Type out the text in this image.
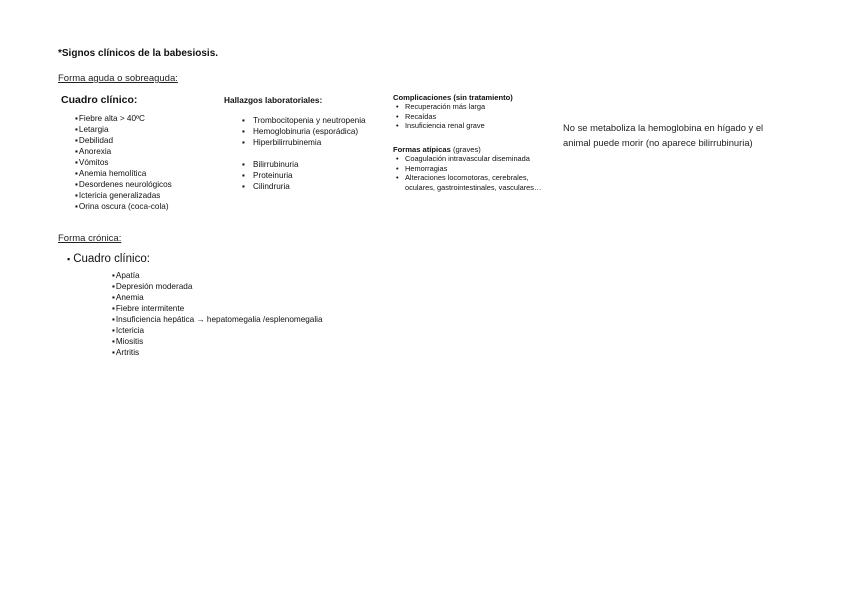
*Signos clínicos de la babesiosis.
Forma aguda o sobreaguda:
Cuadro clínico:
▪ Fiebre alta > 40ºC
▪ Letargia
▪ Debilidad
▪ Anorexia
▪ Vómitos
▪ Anemia hemolítica
▪ Desordenes neurológicos
▪ Ictericia generalizadas
▪ Orina oscura (coca-cola)
Hallazgos laboratoriales:
▪ Trombocitopenia y neutropenia
▪ Hemoglobinuria (esporádica)
▪ Hiperbilirrubinemia
▪ Bilirrubinuria
▪ Proteinuria
▪ Cilindruria
Complicaciones (sin tratamiento)
• Recuperación más larga
• Recaídas
• Insuficiencia renal grave
Formas atípicas (graves)
• Coagulación intravascular diseminada
• Hemorragias
• Alteraciones locomotoras, cerebrales,
oculares, gastrointestinales, vasculares…
No se metaboliza la hemoglobina en hígado y el animal puede morir (no aparece bilirrubinuria)
Forma crónica:
▪ Cuadro clínico:
▪ Apatía
▪ Depresión moderada
▪ Anemia
▪ Fiebre intermitente
▪ Insuficiencia hepática → hepatomegalia /esplenomegalia
▪ Ictericia
▪ Miositis
▪ Artritis
